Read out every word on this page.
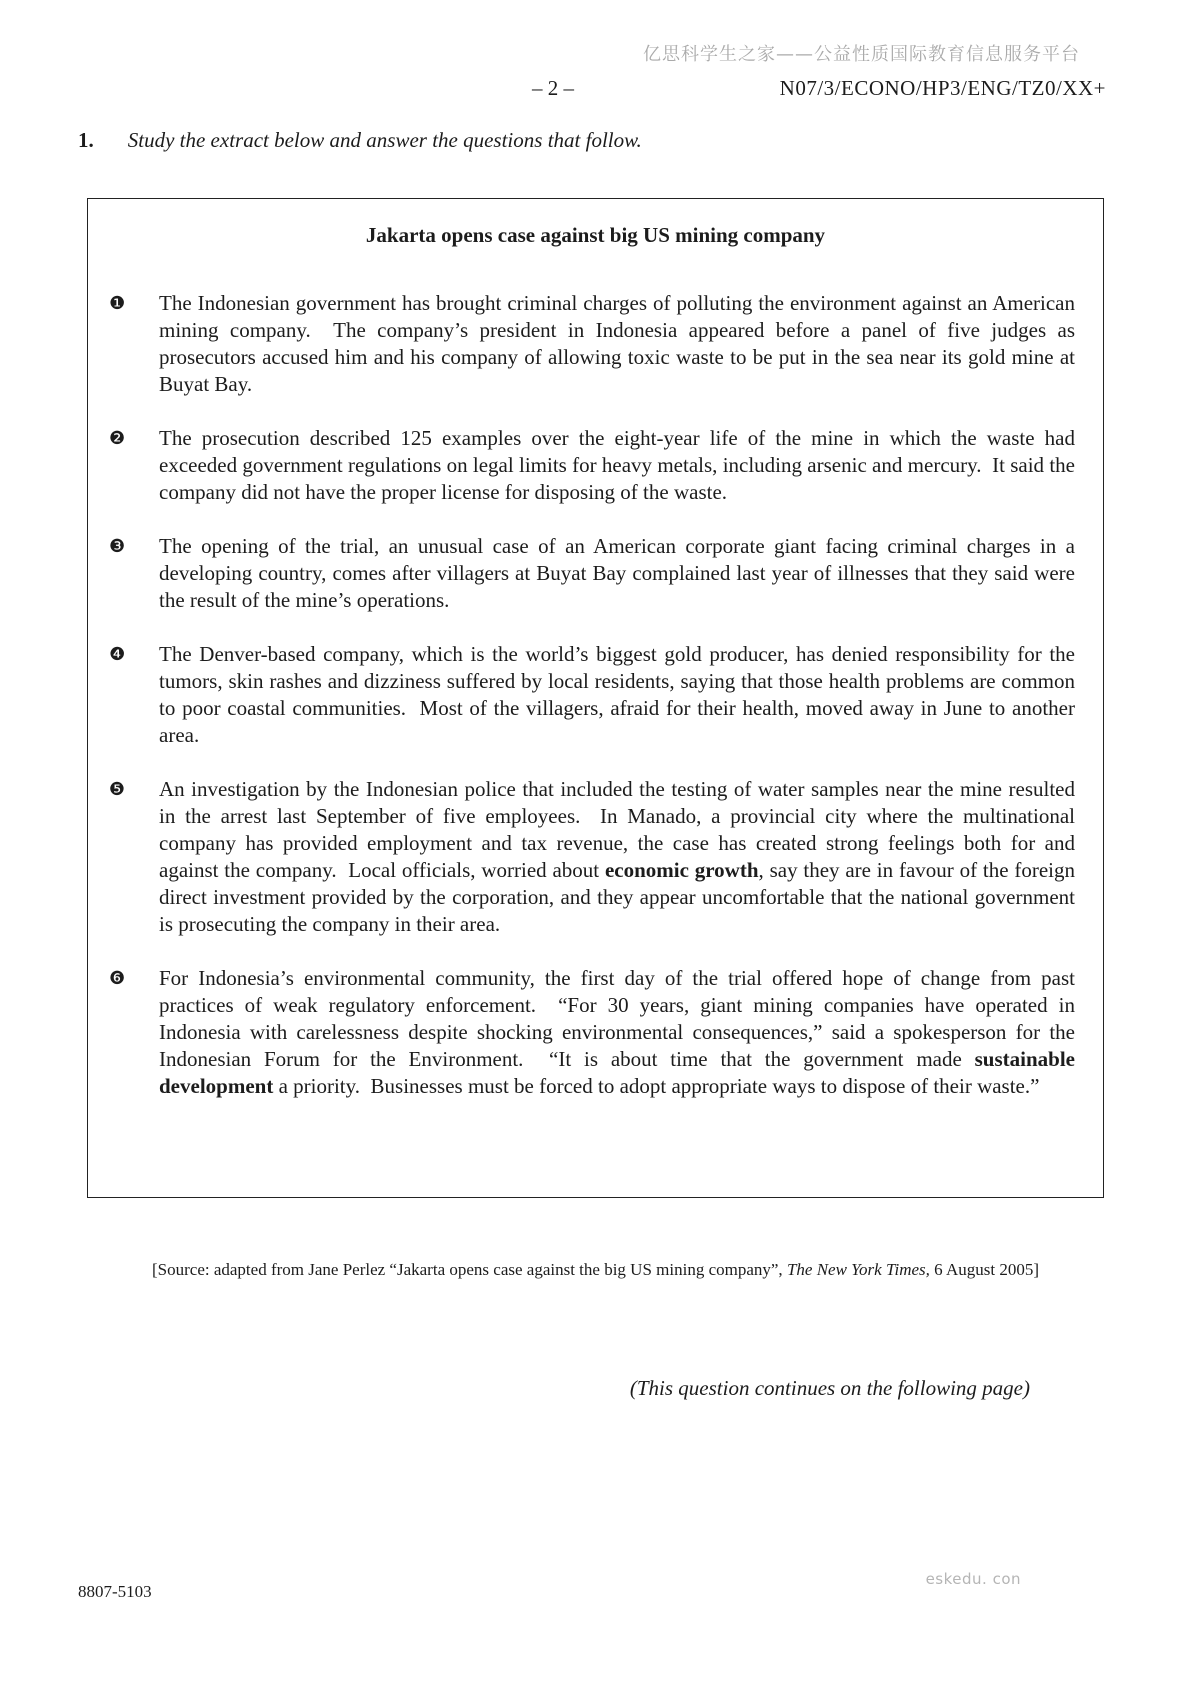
亿思科学生之家——公益性质国际教育信息服务平台
– 2 –	N07/3/ECONO/HP3/ENG/TZ0/XX+
1. Study the extract below and answer the questions that follow.
Jakarta opens case against big US mining company
❶	The Indonesian government has brought criminal charges of polluting the environment against an American mining company.  The company’s president in Indonesia appeared before a panel of five judges as prosecutors accused him and his company of allowing toxic waste to be put in the sea near its gold mine at Buyat Bay.
❷	The prosecution described 125 examples over the eight-year life of the mine in which the waste had exceeded government regulations on legal limits for heavy metals, including arsenic and mercury.  It said the company did not have the proper license for disposing of the waste.
❸	The opening of the trial, an unusual case of an American corporate giant facing criminal charges in a developing country, comes after villagers at Buyat Bay complained last year of illnesses that they said were the result of the mine’s operations.
❹	The Denver-based company, which is the world’s biggest gold producer, has denied responsibility for the tumors, skin rashes and dizziness suffered by local residents, saying that those health problems are common to poor coastal communities.  Most of the villagers, afraid for their health, moved away in June to another area.
❺	An investigation by the Indonesian police that included the testing of water samples near the mine resulted in the arrest last September of five employees.  In Manado, a provincial city where the multinational company has provided employment and tax revenue, the case has created strong feelings both for and against the company.  Local officials, worried about economic growth, say they are in favour of the foreign direct investment provided by the corporation, and they appear uncomfortable that the national government is prosecuting the company in their area.
❻	For Indonesia’s environmental community, the first day of the trial offered hope of change from past practices of weak regulatory enforcement.  “For 30 years, giant mining companies have operated in Indonesia with carelessness despite shocking environmental consequences,” said a spokesperson for the Indonesian Forum for the Environment.  “It is about time that the government made sustainable development a priority.  Businesses must be forced to adopt appropriate ways to dispose of their waste.”
[Source: adapted from Jane Perlez “Jakarta opens case against the big US mining company”, The New York Times, 6 August 2005]
(This question continues on the following page)
8807-5103
eskedu. con
